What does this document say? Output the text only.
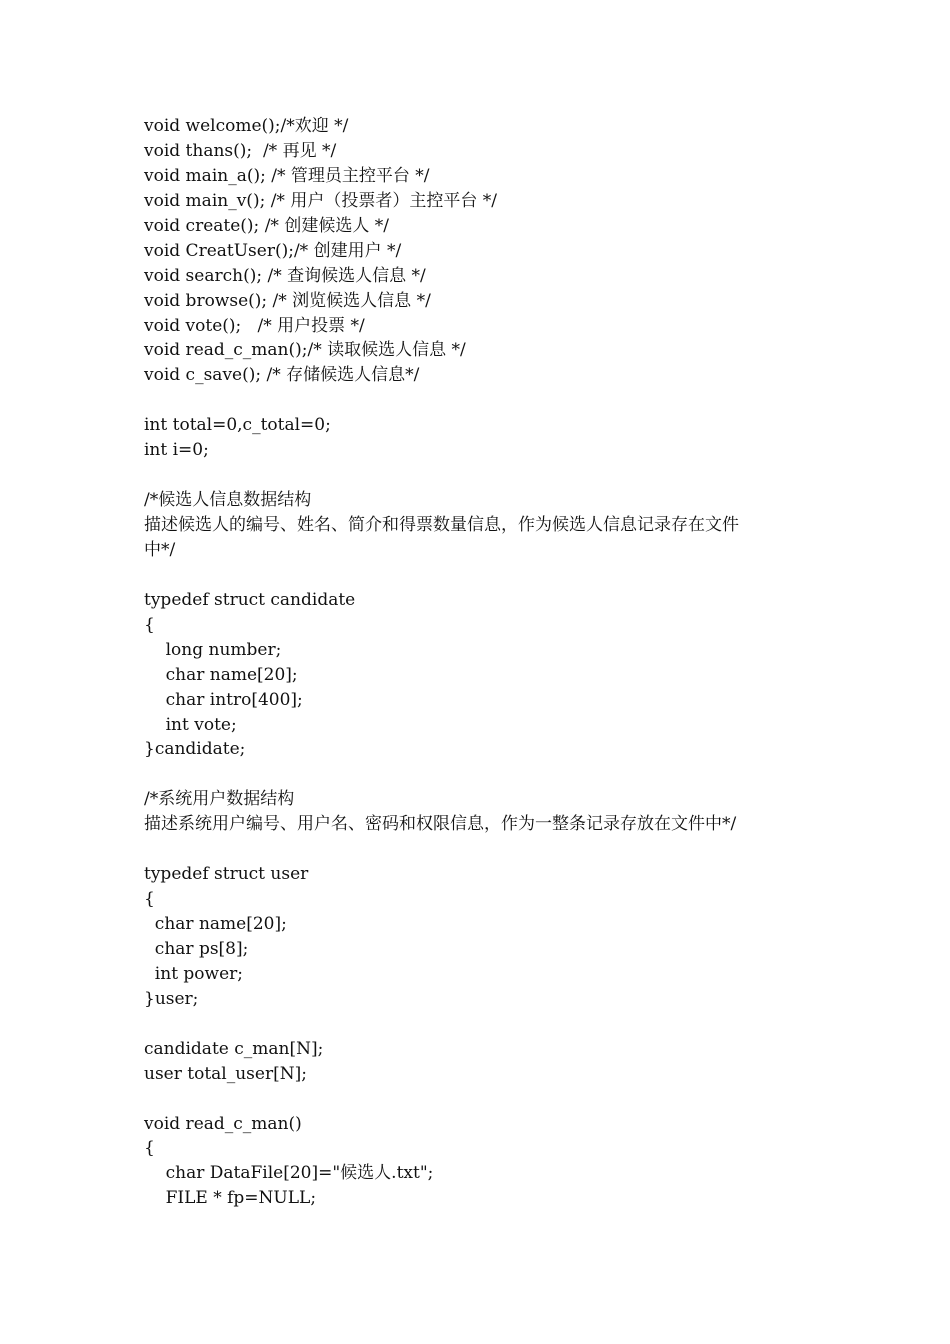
void welcome();/*欢迎 */
void thans();  /* 再见 */
void main_a(); /* 管理员主控平台 */
void main_v(); /* 用户（投票者）主控平台 */
void create(); /* 创建候选人 */
void CreatUser();/* 创建用户 */
void search(); /* 查询候选人信息 */
void browse(); /* 浏览候选人信息 */
void vote();   /* 用户投票 */
void read_c_man();/* 读取候选人信息 */
void c_save(); /* 存储候选人信息*/
int total=0,c_total=0;
int i=0;
/*候选人信息数据结构
描述候选人的编号、姓名、简介和得票数量信息，作为候选人信息记录存在文件
中*/
typedef struct candidate
{
long number;
char name[20];
char intro[400];
int vote;
}candidate;
/*系统用户数据结构
描述系统用户编号、用户名、密码和权限信息，作为一整条记录存放在文件中*/
typedef struct user
{
char name[20];
char ps[8];
int power;
}user;
candidate c_man[N];
user total_user[N];
void read_c_man()
{
char DataFile[20]="候选人.txt";
FILE * fp=NULL;
